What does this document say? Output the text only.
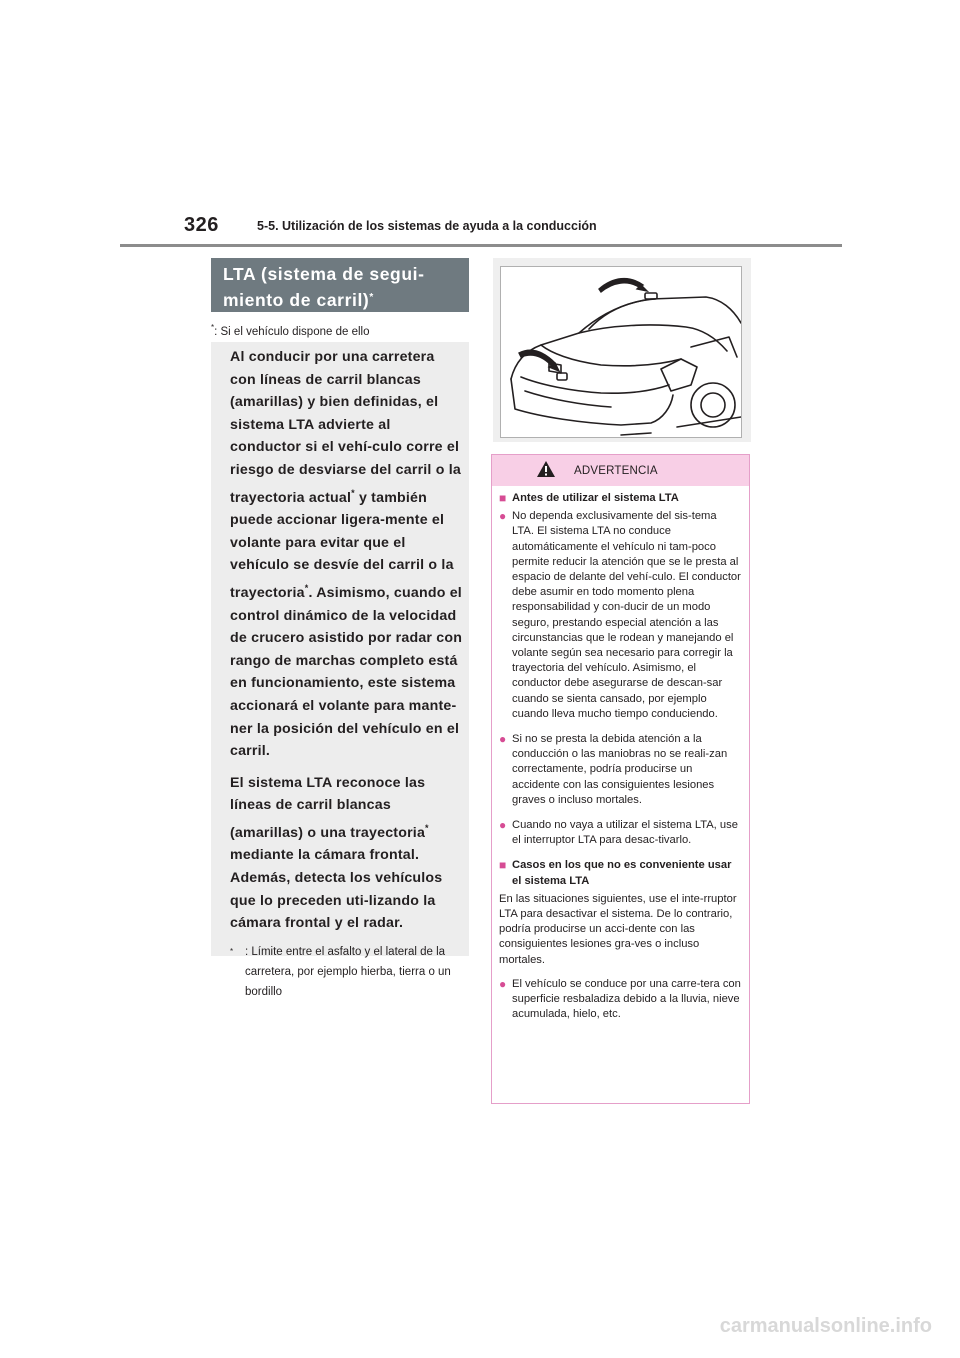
326	5-5. Utilización de los sistemas de ayuda a la conducción
LTA (sistema de segui-
miento de carril)*
*: Si el vehículo dispone de ello

Al conducir por una carretera con líneas de carril blancas (amarillas) y bien definidas, el sistema LTA advierte al conductor si el vehí-culo corre el riesgo de desviarse del carril o la trayectoria actual* y también puede accionar ligera-mente el volante para evitar que el vehículo se desvíe del carril o la trayectoria*. Asimismo, cuando el control dinámico de la velocidad de crucero asistido por radar con rango de marchas completo está en funcionamiento, este sistema accionará el volante para mante-ner la posición del vehículo en el carril.

El sistema LTA reconoce las líneas de carril blancas (amarillas) o una trayectoria* mediante la cámara frontal. Además, detecta los vehículos que lo preceden uti-lizando la cámara frontal y el radar.

*	: Límite entre el asfalto y el lateral de la carretera, por ejemplo hierba, tierra o un bordillo
ADVERTENCIA
■ Antes de utilizar el sistema LTA
● No dependa exclusivamente del sis-tema LTA. El sistema LTA no conduce automáticamente el vehículo ni tam-poco permite reducir la atención que se le presta al espacio de delante del vehí-culo. El conductor debe asumir en todo momento plena responsabilidad y con-ducir de un modo seguro, prestando especial atención a las circunstancias que le rodean y manejando el volante según sea necesario para corregir la trayectoria del vehículo. Asimismo, el conductor debe asegurarse de descan-sar cuando se sienta cansado, por ejemplo cuando lleva mucho tiempo conduciendo.
● Si no se presta la debida atención a la conducción o las maniobras no se reali-zan correctamente, podría producirse un accidente con las consiguientes lesiones graves o incluso mortales.
● Cuando no vaya a utilizar el sistema LTA, use el interruptor LTA para desac-tivarlo.
■ Casos en los que no es conveniente usar el sistema LTA

En las situaciones siguientes, use el inte-rruptor LTA para desactivar el sistema. De lo contrario, podría producirse un acci-dente con las consiguientes lesiones gra-ves o incluso mortales.

● El vehículo se conduce por una carre-tera con superficie resbaladiza debido a la lluvia, nieve acumulada, hielo, etc.
carmanualsonline.info
